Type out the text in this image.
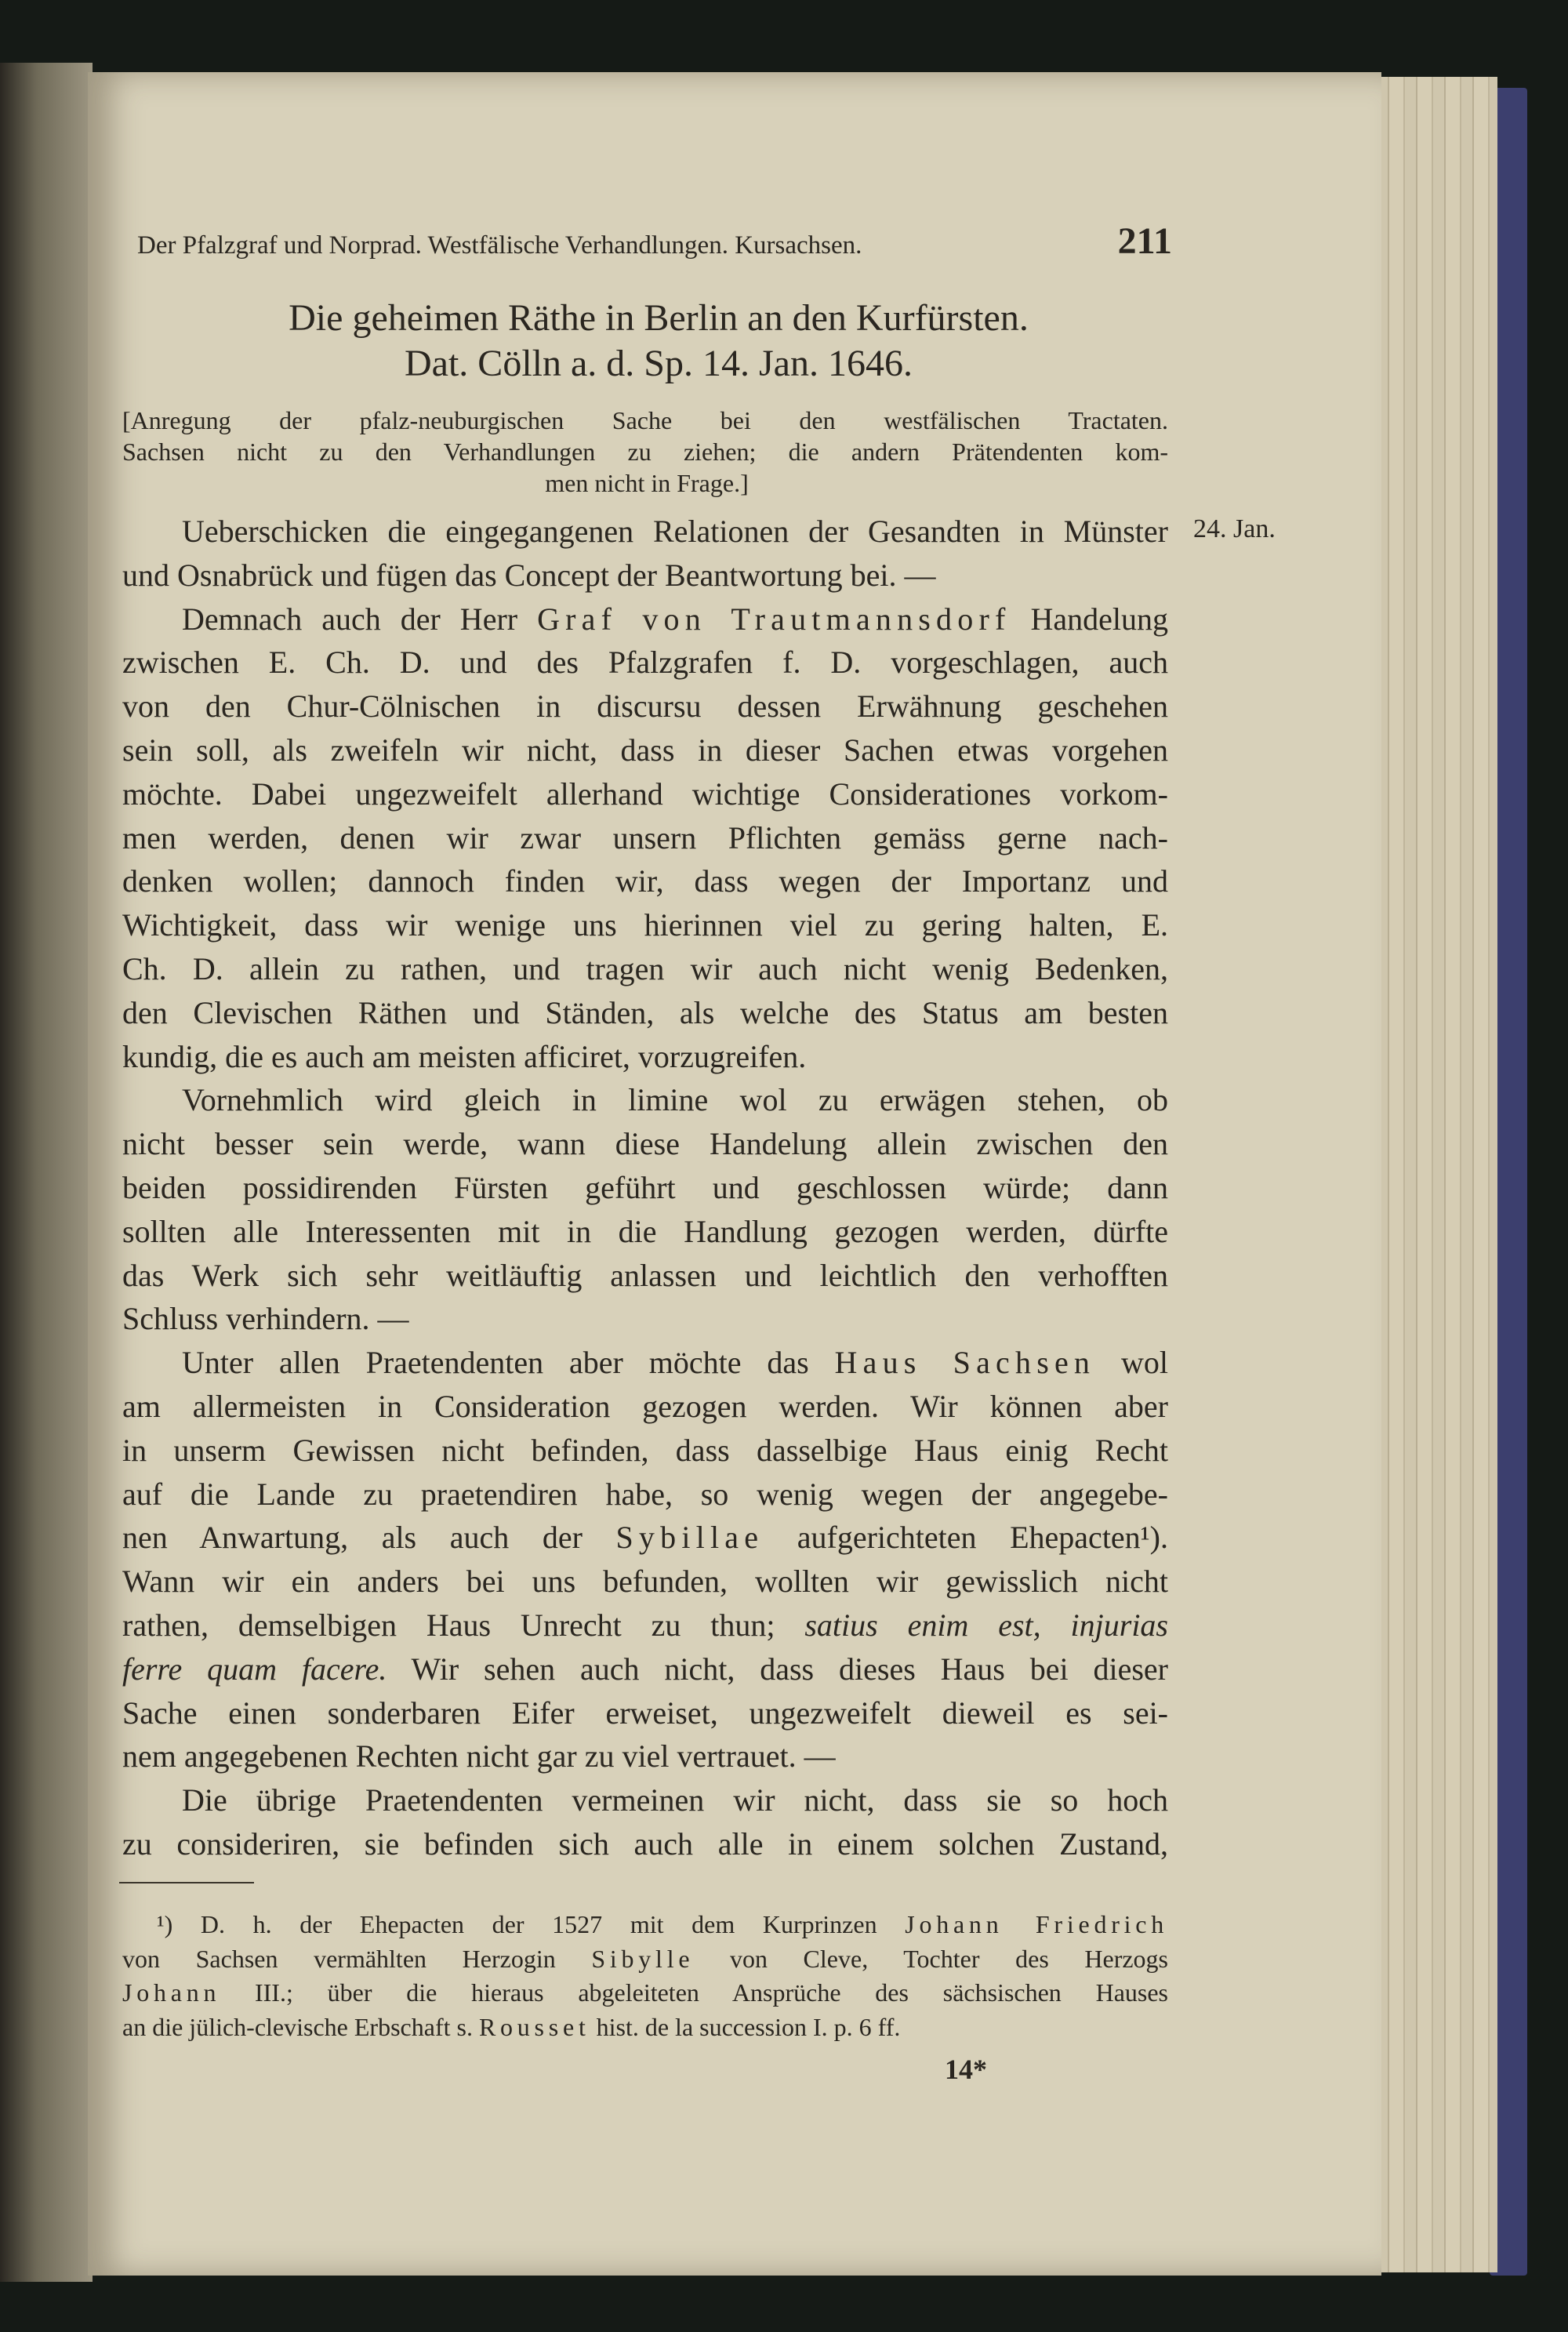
Der Pfalzgraf und Norprad. Westfälische Verhandlungen. Kursachsen.	211
Die geheimen Räthe in Berlin an den Kurfürsten.
Dat. Cölln a. d. Sp. 14. Jan. 1646.
[Anregung der pfalz-neuburgischen Sache bei den westfälischen Tractaten.
Sachsen nicht zu den Verhandlungen zu ziehen; die andern Prätendenten kom-
men nicht in Frage.]
24. Jan.
Ueberschicken die eingegangenen Relationen der Gesandten in Münster
und Osnabrück und fügen das Concept der Beantwortung bei. —
Demnach auch der Herr Graf von Trautmannsdorf Handelung
zwischen E. Ch. D. und des Pfalzgrafen f. D. vorgeschlagen, auch
von den Chur-Cölnischen in discursu dessen Erwähnung geschehen
sein soll, als zweifeln wir nicht, dass in dieser Sachen etwas vorgehen
möchte. Dabei ungezweifelt allerhand wichtige Considerationes vorkom-
men werden, denen wir zwar unsern Pflichten gemäss gerne nach-
denken wollen; dannoch finden wir, dass wegen der Importanz und
Wichtigkeit, dass wir wenige uns hierinnen viel zu gering halten, E.
Ch. D. allein zu rathen, und tragen wir auch nicht wenig Bedenken,
den Clevischen Räthen und Ständen, als welche des Status am besten
kundig, die es auch am meisten afficiret, vorzugreifen.
Vornehmlich wird gleich in limine wol zu erwägen stehen, ob
nicht besser sein werde, wann diese Handelung allein zwischen den
beiden possidirenden Fürsten geführt und geschlossen würde; dann
sollten alle Interessenten mit in die Handlung gezogen werden, dürfte
das Werk sich sehr weitläuftig anlassen und leichtlich den verhofften
Schluss verhindern. —
Unter allen Praetendenten aber möchte das Haus Sachsen wol
am allermeisten in Consideration gezogen werden. Wir können aber
in unserm Gewissen nicht befinden, dass dasselbige Haus einig Recht
auf die Lande zu praetendiren habe, so wenig wegen der angegebe-
nen Anwartung, als auch der Sybillae aufgerichteten Ehepacten¹).
Wann wir ein anders bei uns befunden, wollten wir gewisslich nicht
rathen, demselbigen Haus Unrecht zu thun; satius enim est, injurias
ferre quam facere. Wir sehen auch nicht, dass dieses Haus bei dieser
Sache einen sonderbaren Eifer erweiset, ungezweifelt dieweil es sei-
nem angegebenen Rechten nicht gar zu viel vertrauet. —
Die übrige Praetendenten vermeinen wir nicht, dass sie so hoch
zu consideriren, sie befinden sich auch alle in einem solchen Zustand,
¹) D. h. der Ehepacten der 1527 mit dem Kurprinzen Johann Friedrich
von Sachsen vermählten Herzogin Sibylle von Cleve, Tochter des Herzogs
Johann III.; über die hieraus abgeleiteten Ansprüche des sächsischen Hauses
an die jülich-clevische Erbschaft s. Rousset hist. de la succession I. p. 6 ff.
14*
